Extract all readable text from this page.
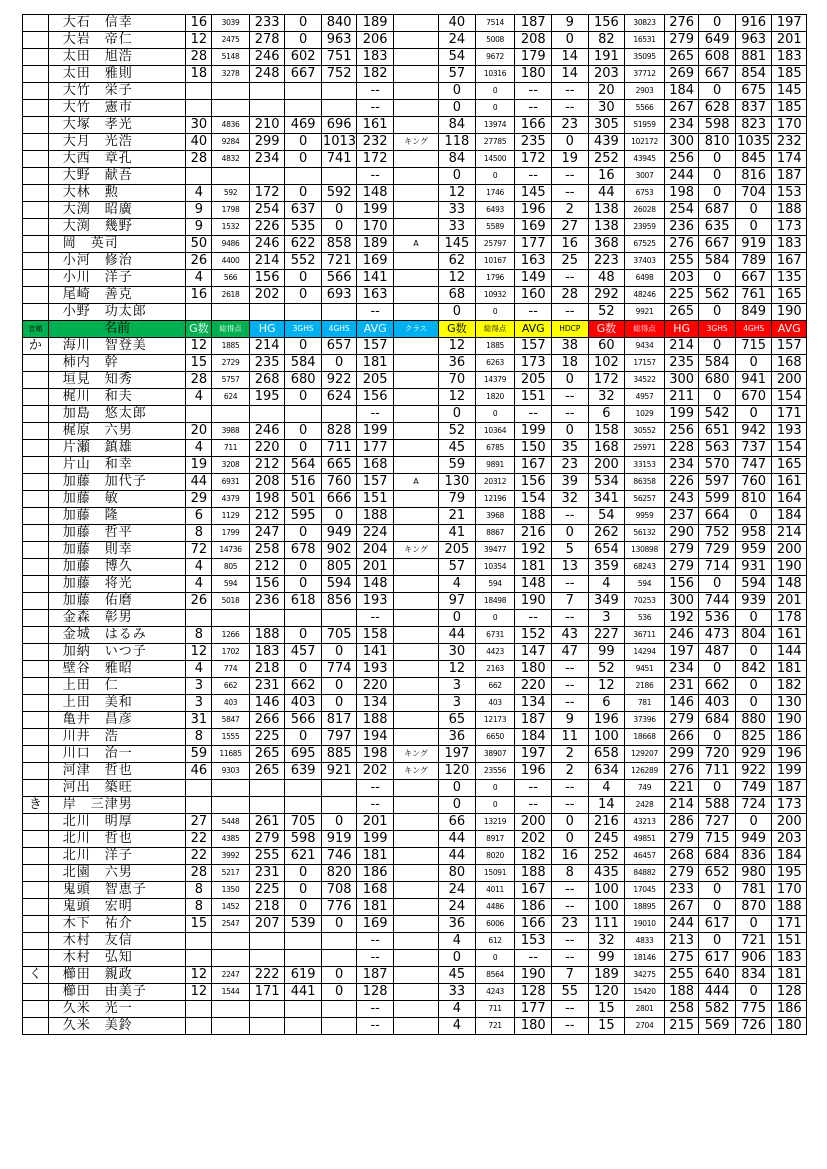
	大石　信幸	16	3039	233	0	840	189		40	7514	187	9	156	30823	276	0	916	197
	大岩　帝仁	12	2475	278	0	963	206		24	5008	208	0	82	16531	279	649	963	201
	太田　旭浩	28	5148	246	602	751	183		54	9672	179	14	191	35095	265	608	881	183
	太田　雅則	18	3278	248	667	752	182		57	10316	180	14	203	37712	269	667	854	185
	大竹　栄子						--		0	0	--	--	20	2903	184	0	675	145
	大竹　憲市						--		0	0	--	--	30	5566	267	628	837	185
	大塚　孝光	30	4836	210	469	696	161		84	13974	166	23	305	51959	234	598	823	170
	大月　光浩	40	9284	299	0	1013	232	キング	118	27785	235	0	439	102172	300	810	1035	232
	大西　章孔	28	4832	234	0	741	172		84	14500	172	19	252	43945	256	0	845	174
	大野　献吾						--		0	0	--	--	16	3007	244	0	816	187
	大林　勲	4	592	172	0	592	148		12	1746	145	--	44	6753	198	0	704	153
	大渕　昭廣	9	1798	254	637	0	199		33	6493	196	2	138	26028	254	687	0	188
	大渕　幾野	9	1532	226	535	0	170		33	5589	169	27	138	23959	236	635	0	173
	岡　英司	50	9486	246	622	858	189	A	145	25797	177	16	368	67525	276	667	919	183
	小河　修治	26	4400	214	552	721	169		62	10167	163	25	223	37403	255	584	789	167
	小川　洋子	4	566	156	0	566	141		12	1796	149	--	48	6498	203	0	667	135
	尾崎　善克	16	2618	202	0	693	163		68	10932	160	28	292	48246	225	562	761	165
	小野　功太郎						--		0	0	--	--	52	9921	265	0	849	190
音順	名前	G数	総得点	HG	3GHS	4GHS	AVG	クラス	G数	総得点	AVG	HDCP	G数	総得点	HG	3GHS	4GHS	AVG
か	海川　智登美	12	1885	214	0	657	157		12	1885	157	38	60	9434	214	0	715	157
	柿内　幹	15	2729	235	584	0	181		36	6263	173	18	102	17157	235	584	0	168
	垣見　知秀	28	5757	268	680	922	205		70	14379	205	0	172	34522	300	680	941	200
	梶川　和夫	4	624	195	0	624	156		12	1820	151	--	32	4957	211	0	670	154
	加島　悠太郎						--		0	0	--	--	6	1029	199	542	0	171
	梶原　六男	20	3988	246	0	828	199		52	10364	199	0	158	30552	256	651	942	193
	片瀬　鎮雄	4	711	220	0	711	177		45	6785	150	35	168	25971	228	563	737	154
	片山　和幸	19	3208	212	564	665	168		59	9891	167	23	200	33153	234	570	747	165
	加藤　加代子	44	6931	208	516	760	157	A	130	20312	156	39	534	86358	226	597	760	161
	加藤　敏	29	4379	198	501	666	151		79	12196	154	32	341	56257	243	599	810	164
	加藤　隆	6	1129	212	595	0	188		21	3968	188	--	54	9959	237	664	0	184
	加藤　哲平	8	1799	247	0	949	224		41	8867	216	0	262	56132	290	752	958	214
	加藤　則幸	72	14736	258	678	902	204	キング	205	39477	192	5	654	130898	279	729	959	200
	加藤　博久	4	805	212	0	805	201		57	10354	181	13	359	68243	279	714	931	190
	加藤　将光	4	594	156	0	594	148		4	594	148	--	4	594	156	0	594	148
	加藤　佑磨	26	5018	236	618	856	193		97	18498	190	7	349	70253	300	744	939	201
	金森　彰男						--		0	0	--	--	3	536	192	536	0	178
	金城　はるみ	8	1266	188	0	705	158		44	6731	152	43	227	36711	246	473	804	161
	加納　いつ子	12	1702	183	457	0	141		30	4423	147	47	99	14294	197	487	0	144
	壁谷　雅昭	4	774	218	0	774	193		12	2163	180	--	52	9451	234	0	842	181
	上田　仁	3	662	231	662	0	220		3	662	220	--	12	2186	231	662	0	182
	上田　美和	3	403	146	403	0	134		3	403	134	--	6	781	146	403	0	130
	亀井　昌彦	31	5847	266	566	817	188		65	12173	187	9	196	37396	279	684	880	190
	川井　浩	8	1555	225	0	797	194		36	6650	184	11	100	18668	266	0	825	186
	川口　治一	59	11685	265	695	885	198	キング	197	38907	197	2	658	129207	299	720	929	196
	河津　哲也	46	9303	265	639	921	202	キング	120	23556	196	2	634	126289	276	711	922	199
	河出　築旺						--		0	0	--	--	4	749	221	0	749	187
き	岸　三津男						--		0	0	--	--	14	2428	214	588	724	173
	北川　明厚	27	5448	261	705	0	201		66	13219	200	0	216	43213	286	727	0	200
	北川　哲也	22	4385	279	598	919	199		44	8917	202	0	245	49851	279	715	949	203
	北川　洋子	22	3992	255	621	746	181		44	8020	182	16	252	46457	268	684	836	184
	北園　六男	28	5217	231	0	820	186		80	15091	188	8	435	84882	279	652	980	195
	鬼頭　智恵子	8	1350	225	0	708	168		24	4011	167	--	100	17045	233	0	781	170
	鬼頭　宏明	8	1452	218	0	776	181		24	4486	186	--	100	18895	267	0	870	188
	木下　祐介	15	2547	207	539	0	169		36	6006	166	23	111	19010	244	617	0	171
	木村　友信						--		4	612	153	--	32	4833	213	0	721	151
	木村　弘知						--		0	0	--	--	99	18146	275	617	906	183
く	櫛田　親政	12	2247	222	619	0	187		45	8564	190	7	189	34275	255	640	834	181
	櫛田　由美子	12	1544	171	441	0	128		33	4243	128	55	120	15420	188	444	0	128
	久米　光一						--		4	711	177	--	15	2801	258	582	775	186
	久米　美鈴						--		4	721	180	--	15	2704	215	569	726	180
